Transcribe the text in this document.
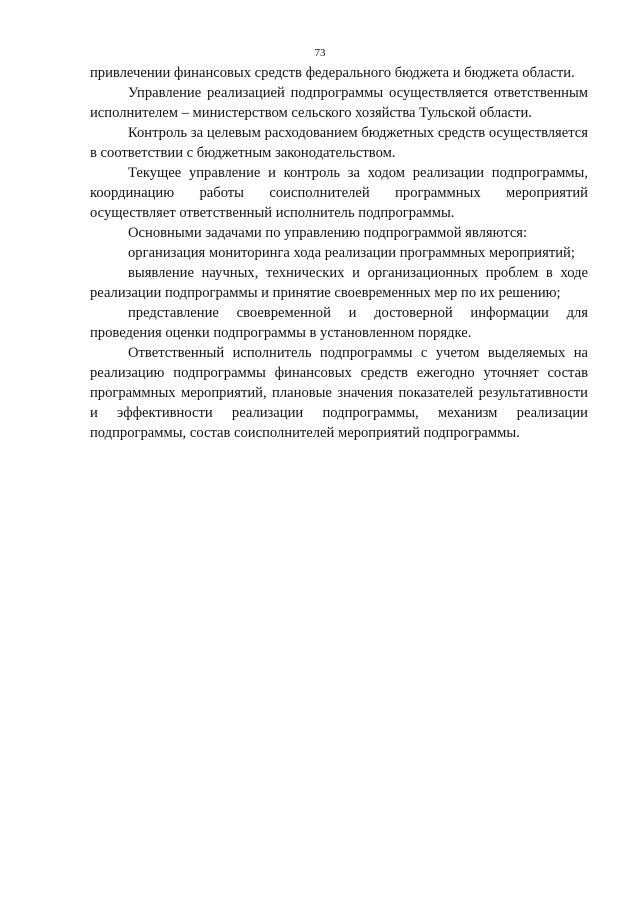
73

привлечении финансовых средств федерального бюджета и бюджета области.

Управление реализацией подпрограммы осуществляется ответственным исполнителем – министерством сельского хозяйства Тульской области.

Контроль за целевым расходованием бюджетных средств осуществляется в соответствии с бюджетным законодательством.

Текущее управление и контроль за ходом реализации подпрограммы, координацию работы соисполнителей программных мероприятий осуществляет ответственный исполнитель подпрограммы.

Основными задачами по управлению подпрограммой являются:

организация мониторинга хода реализации программных мероприятий;

выявление научных, технических и организационных проблем в ходе реализации подпрограммы и принятие своевременных мер по их решению;

представление своевременной и достоверной информации для проведения оценки подпрограммы в установленном порядке.

Ответственный исполнитель подпрограммы с учетом выделяемых на реализацию подпрограммы финансовых средств ежегодно уточняет состав программных мероприятий, плановые значения показателей результативности и эффективности реализации подпрограммы, механизм реализации подпрограммы, состав соисполнителей мероприятий подпрограммы.
